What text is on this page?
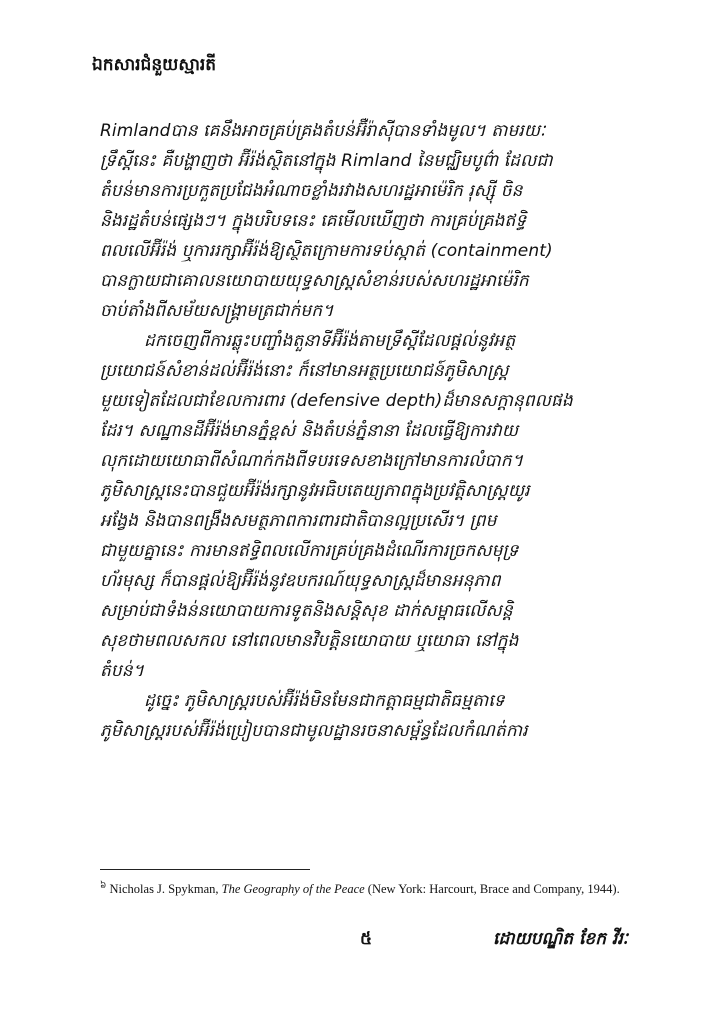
ឯកសារជំនួយស្មារតី

Rimlandបាន គេនឹងអាចគ្រប់គ្រងតំបន់អ៊ឺរ៉ាស៊ីបានទាំងមូល។ តាមរយៈ
ទ្រឹស្តីនេះ គឺបង្ហាញថា អ៊ីរ៉ង់ស្ថិតនៅក្នុង Rimland នៃមជ្ឈិមបូព៌ា ដែលជា
តំបន់មានការប្រកួតប្រជែងអំណាចខ្លាំងរវាងសហរដ្ឋអាម៉េរិក រុស្ស៊ី ចិន
និងរដ្ឋតំបន់ផ្សេងៗ។ ក្នុងបរិបទនេះ គេមើលឃើញថា ការគ្រប់គ្រងឥទ្ធិ
ពលលើអ៊ីរ៉ង់ ឬការរក្សាអ៊ីរ៉ង់ឱ្យស្ថិតក្រោមការទប់ស្កាត់ (containment)
បានក្លាយជាគោលនយោបាយយុទ្ធសាស្ត្រសំខាន់របស់សហរដ្ឋអាម៉េរិក
ចាប់តាំងពីសម័យសង្គ្រាមត្រជាក់មក។

ដកចេញពីការឆ្លុះបញ្ចាំងតួនាទីអ៊ីរ៉ង់តាមទ្រឹស្តីដែលផ្តល់នូវអត្ថ
ប្រយោជន៍សំខាន់ដល់អ៊ីរ៉ង់នោះ ក៏នៅមានអត្ថប្រយោជន៍ភូមិសាស្ត្រ
មួយទៀតដែលជាខែលការពារ (defensive depth)ដ៏មានសក្តានុពលផង
ដែរ។ សណ្ឋានដីអ៊ីរ៉ង់មានភ្នំខ្ពស់ និងតំបន់ភ្នំនានា ដែលធ្វើឱ្យការវាយ
លុកដោយយោធាពីសំណាក់កងពីទបរទេសខាងក្រៅមានការលំបាក។
ភូមិសាស្ត្រនេះបានជួយអ៊ីរ៉ង់រក្សានូវអធិបតេយ្យភាពក្នុងប្រវត្តិសាស្ត្រយូរ
អង្វែង និងបានពង្រឹងសមត្ថភាពការពារជាតិបានល្អប្រសើរ។ ព្រម
ជាមួយគ្នានេះ ការមានឥទ្ធិពលលើការគ្រប់គ្រងដំណើរការច្រកសមុទ្រ
ហ័រមុស្ស ក៏បានផ្តល់ឱ្យអ៊ីរ៉ង់នូវឧបករណ៍យុទ្ធសាស្ត្រដ៏មានអនុភាព
សម្រាប់ជាទំងន់នយោបាយការទូតនិងសន្តិសុខ ដាក់សម្ពាធលើសន្តិ
សុខថាមពលសកល នៅពេលមានវិបត្តិនយោបាយ ឬយោធា នៅក្នុង
តំបន់។

ដូច្នេះ ភូមិសាស្ត្ររបស់អ៊ីរ៉ង់មិនមែនជាកត្តាធម្មជាតិធម្មតាទេ
ភូមិសាស្ត្ររបស់អ៊ីរ៉ង់ប្រៀបបានជាមូលដ្ឋានរចនាសម្ព័ន្ធដែលកំណត់ការ

$^៦$ Nicholas J. Spykman, The Geography of the Peace (New York: Harcourt, Brace and Company, 1944).
៥	ដោយបណ្ឌិត ខែក វីរៈ
